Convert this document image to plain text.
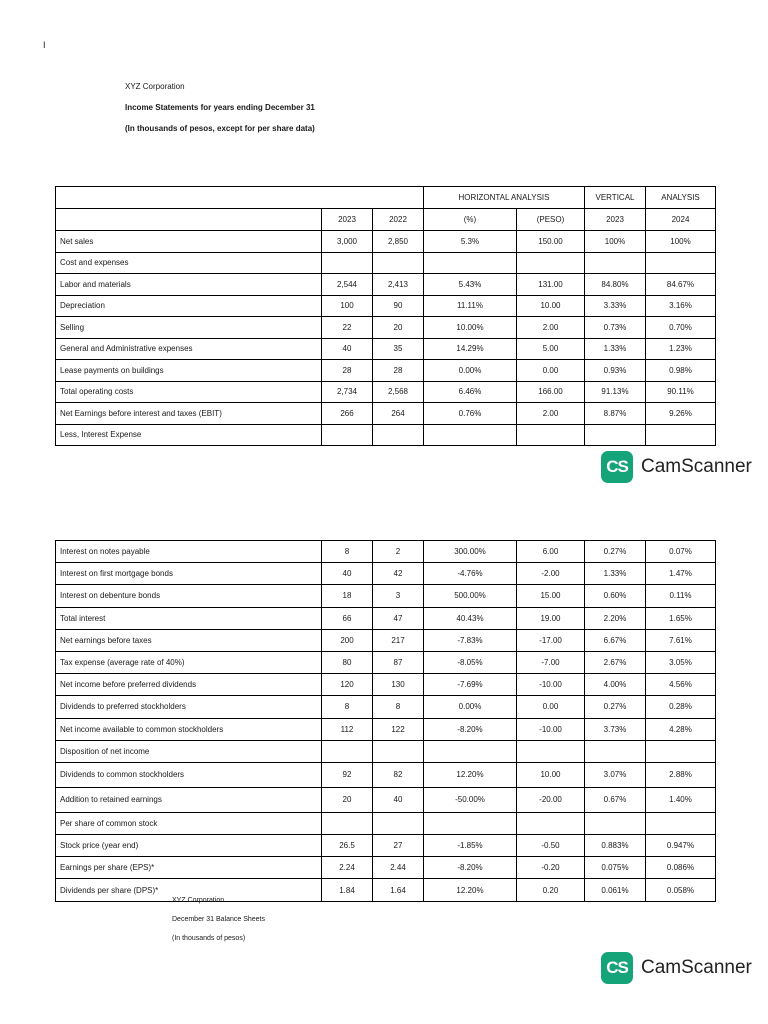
I
XYZ Corporation
Income Statements for years ending December 31
(In thousands of pesos, except for per share data)
			HORIZONTAL ANALYSIS		VERTICAL	ANALYSIS
	2023	2022	(%)	(PESO)	2023	2024
Net sales	3,000	2,850	5.3%	150.00	100%	100%
Cost and expenses						
Labor and materials	2,544	2,413	5.43%	131.00	84.80%	84.67%
Depreciation	100	90	11.11%	10.00	3.33%	3.16%
Selling	22	20	10.00%	2.00	0.73%	0.70%
General and Administrative expenses	40	35	14.29%	5.00	1.33%	1.23%
Lease payments on buildings	28	28	0.00%	0.00	0.93%	0.98%
Total operating costs	2,734	2,568	6.46%	166.00	91.13%	90.11%
Net Earnings before interest and taxes (EBIT)	266	264	0.76%	2.00	8.87%	9.26%
Less, Interest Expense						
CS CamScanner
Interest on notes payable	8	2	300.00%	6.00	0.27%	0.07%
Interest on first mortgage bonds	40	42	-4.76%	-2.00	1.33%	1.47%
Interest on debenture bonds	18	3	500.00%	15.00	0.60%	0.11%
Total interest	66	47	40.43%	19.00	2.20%	1.65%
Net earnings before taxes	200	217	-7.83%	-17.00	6.67%	7.61%
Tax expense (average rate of 40%)	80	87	-8.05%	-7.00	2.67%	3.05%
Net income before preferred dividends	120	130	-7.69%	-10.00	4.00%	4.56%
Dividends to preferred stockholders	8	8	0.00%	0.00	0.27%	0.28%
Net income available to common stockholders	112	122	-8.20%	-10.00	3.73%	4.28%
Disposition of net income						
Dividends to common stockholders	92	82	12.20%	10.00	3.07%	2.88%
Addition to retained earnings	20	40	-50.00%	-20.00	0.67%	1.40%
Per share of common stock						
Stock price (year end)	26.5	27	-1.85%	-0.50	0.883%	0.947%
Earnings per share (EPS)*	2.24	2.44	-8.20%	-0.20	0.075%	0.086%
Dividends per share (DPS)*	1.84	1.64	12.20%	0.20	0.061%	0.058%
XYZ Corporation
December 31 Balance Sheets
(In thousands of pesos)
CS CamScanner
